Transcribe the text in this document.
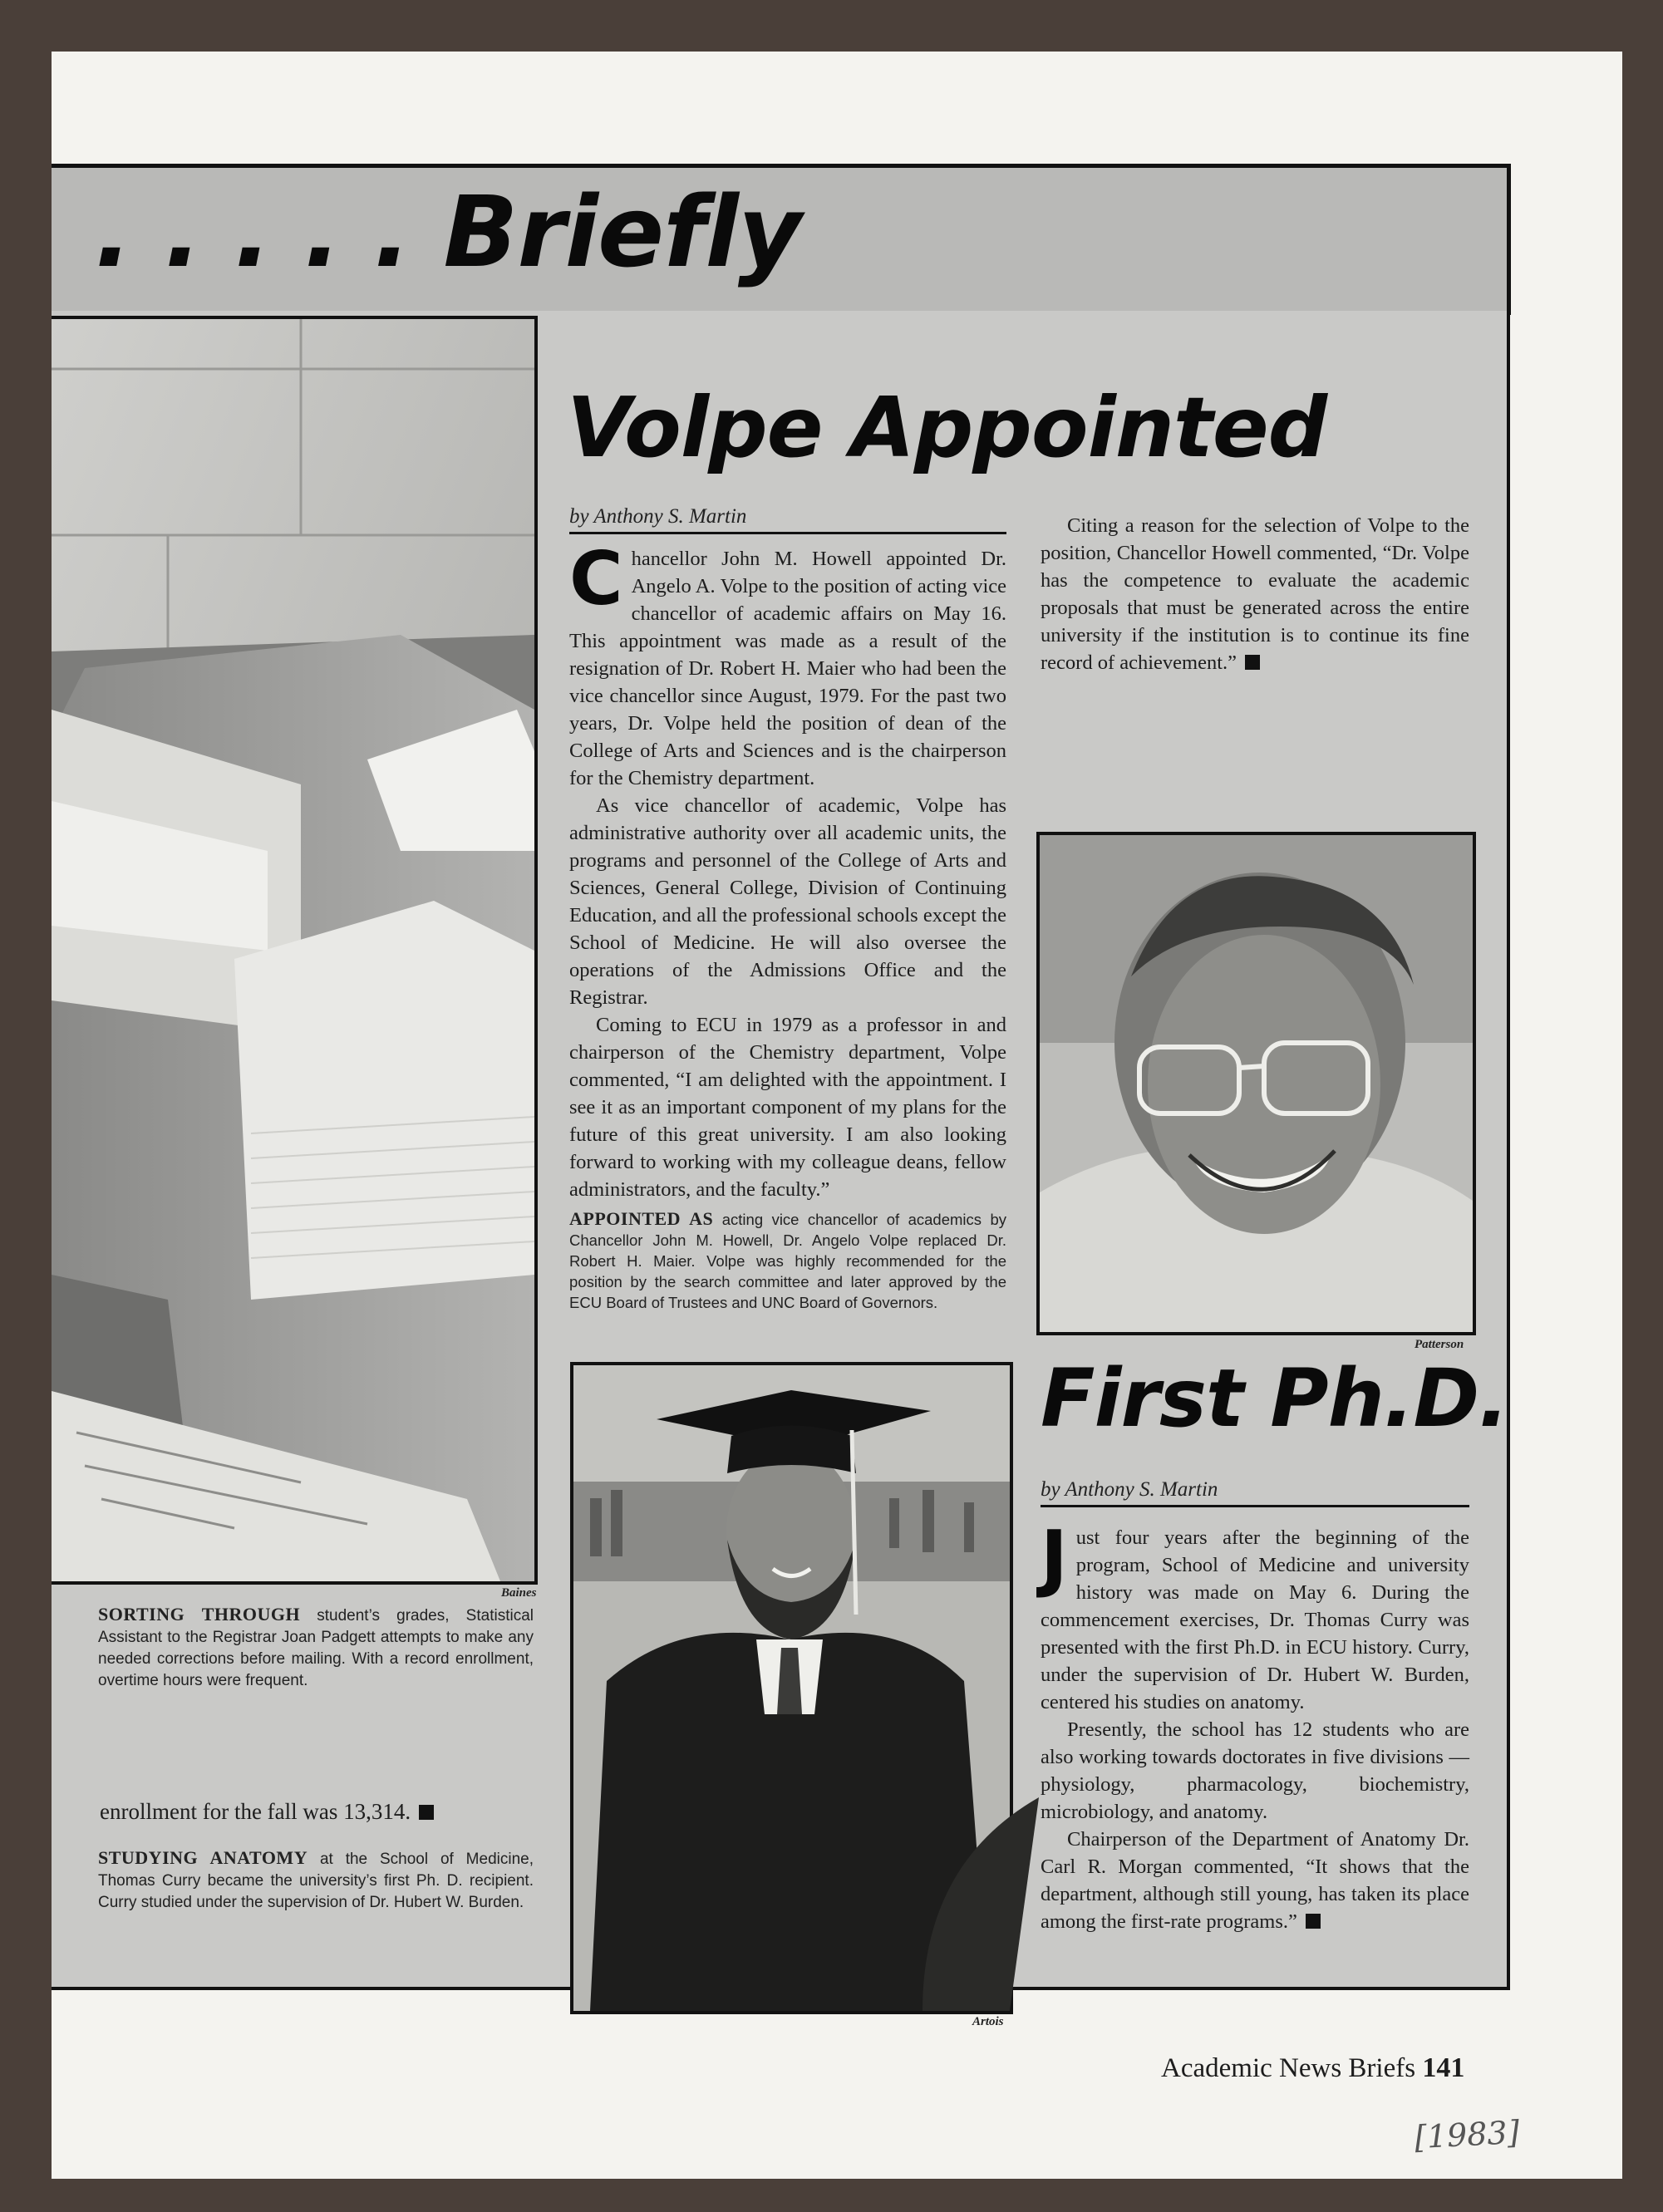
. . . . . Briefly
Baines
SORTING THROUGH student’s grades, Statistical Assistant to the Registrar Joan Padgett attempts to make any needed corrections before mailing. With a record enrollment, overtime hours were frequent.
enrollment for the fall was 13,314.
STUDYING ANATOMY at the School of Medicine, Thomas Curry became the university’s first Ph. D. recipient. Curry studied under the supervision of Dr. Hubert W. Burden.
Volpe Appointed
by Anthony S. Martin

Chancellor John M. Howell appointed Dr. Angelo A. Volpe to the position of acting vice chancellor of academic affairs on May 16. This appointment was made as a result of the resignation of Dr. Robert H. Maier who had been the vice chancellor since August, 1979. For the past two years, Dr. Volpe held the position of dean of the College of Arts and Sciences and is the chairperson for the Chemistry department.

As vice chancellor of academic, Volpe has administrative authority over all academic units, the programs and personnel of the College of Arts and Sciences, General College, Division of Continuing Education, and all the professional schools except the School of Medicine. He will also oversee the operations of the Admissions Office and the Registrar.

Coming to ECU in 1979 as a professor in and chairperson of the Chemistry department, Volpe commented, “I am delighted with the appointment. I see it as an important component of my plans for the future of this great university. I am also looking forward to working with my colleague deans, fellow administrators, and the faculty.”

Citing a reason for the selection of Volpe to the position, Chancellor Howell commented, “Dr. Volpe has the competence to evaluate the academic proposals that must be generated across the entire university if the institution is to continue its fine record of achievement.”

APPOINTED AS acting vice chancellor of academics by Chancellor John M. Howell, Dr. Angelo Volpe replaced Dr. Robert H. Maier. Volpe was highly recommended for the position by the search committee and later approved by the ECU Board of Trustees and UNC Board of Governors.
Patterson
Artois
First Ph.D.
by Anthony S. Martin

Just four years after the beginning of the program, School of Medicine and university history was made on May 6. During the commencement exercises, Dr. Thomas Curry was presented with the first Ph.D. in ECU history. Curry, under the supervision of Dr. Hubert W. Burden, centered his studies on anatomy.

Presently, the school has 12 students who are also working towards doctorates in five divisions — physiology, pharmacology, biochemistry, microbiology, and anatomy.

Chairperson of the Department of Anatomy Dr. Carl R. Morgan commented, “It shows that the department, although still young, has taken its place among the first-rate programs.”

Academic News Briefs 141
[1983]
